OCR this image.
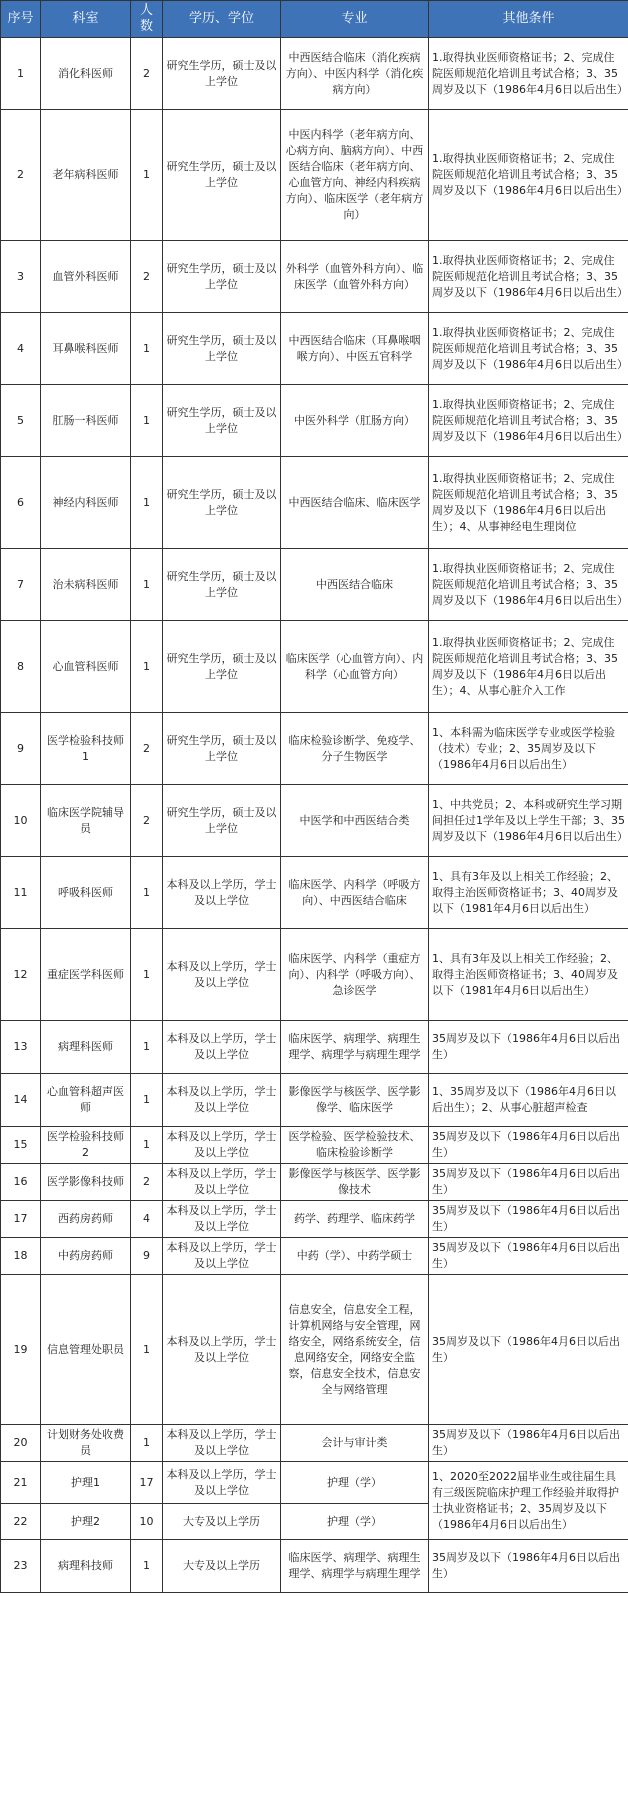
序号	科室	人数	学历、学位	专业	其他条件
1	消化科医师	2	研究生学历，硕士及以上学位	中西医结合临床（消化疾病方向）、中医内科学（消化疾病方向）	1.取得执业医师资格证书；2、完成住院医师规范化培训且考试合格；3、35周岁及以下（1986年4月6日以后出生）
2	老年病科医师	1	研究生学历，硕士及以上学位	中医内科学（老年病方向、心病方向、脑病方向）、中西医结合临床（老年病方向、心血管方向、神经内科疾病方向）、临床医学（老年病方向）	1.取得执业医师资格证书；2、完成住院医师规范化培训且考试合格；3、35周岁及以下（1986年4月6日以后出生）
3	血管外科医师	2	研究生学历，硕士及以上学位	外科学（血管外科方向）、临床医学（血管外科方向）	1.取得执业医师资格证书；2、完成住院医师规范化培训且考试合格；3、35周岁及以下（1986年4月6日以后出生）
4	耳鼻喉科医师	1	研究生学历，硕士及以上学位	中西医结合临床（耳鼻喉咽喉方向）、中医五官科学	1.取得执业医师资格证书；2、完成住院医师规范化培训且考试合格；3、35周岁及以下（1986年4月6日以后出生）
5	肛肠一科医师	1	研究生学历，硕士及以上学位	中医外科学（肛肠方向）	1.取得执业医师资格证书；2、完成住院医师规范化培训且考试合格；3、35周岁及以下（1986年4月6日以后出生）
6	神经内科医师	1	研究生学历，硕士及以上学位	中西医结合临床、临床医学	1.取得执业医师资格证书；2、完成住院医师规范化培训且考试合格；3、35周岁及以下（1986年4月6日以后出生）；4、从事神经电生理岗位
7	治未病科医师	1	研究生学历，硕士及以上学位	中西医结合临床	1.取得执业医师资格证书；2、完成住院医师规范化培训且考试合格；3、35周岁及以下（1986年4月6日以后出生）
8	心血管科医师	1	研究生学历，硕士及以上学位	临床医学（心血管方向）、内科学（心血管方向）	1.取得执业医师资格证书；2、完成住院医师规范化培训且考试合格；3、35周岁及以下（1986年4月6日以后出生）；4、从事心脏介入工作
9	医学检验科技师1	2	研究生学历，硕士及以上学位	临床检验诊断学、免疫学、分子生物医学	1、本科需为临床医学专业或医学检验（技术）专业；2、35周岁及以下（1986年4月6日以后出生）
10	临床医学院辅导员	2	研究生学历，硕士及以上学位	中医学和中西医结合类	1、中共党员；2、本科或研究生学习期间担任过1学年及以上学生干部；3、35周岁及以下（1986年4月6日以后出生）
11	呼吸科医师	1	本科及以上学历，学士及以上学位	临床医学、内科学（呼吸方向）、中西医结合临床	1、具有3年及以上相关工作经验；2、取得主治医师资格证书；3、40周岁及以下（1981年4月6日以后出生）
12	重症医学科医师	1	本科及以上学历，学士及以上学位	临床医学、内科学（重症方向）、内科学（呼吸方向）、急诊医学	1、具有3年及以上相关工作经验；2、取得主治医师资格证书；3、40周岁及以下（1981年4月6日以后出生）
13	病理科医师	1	本科及以上学历，学士及以上学位	临床医学、病理学、病理生理学、病理学与病理生理学	35周岁及以下（1986年4月6日以后出生）
14	心血管科超声医师	1	本科及以上学历，学士及以上学位	影像医学与核医学、医学影像学、临床医学	1、35周岁及以下（1986年4月6日以后出生）；2、从事心脏超声检查
15	医学检验科技师2	1	本科及以上学历，学士及以上学位	医学检验、医学检验技术、临床检验诊断学	35周岁及以下（1986年4月6日以后出生）
16	医学影像科技师	2	本科及以上学历，学士及以上学位	影像医学与核医学、医学影像技术	35周岁及以下（1986年4月6日以后出生）
17	西药房药师	4	本科及以上学历，学士及以上学位	药学、药理学、临床药学	35周岁及以下（1986年4月6日以后出生）
18	中药房药师	9	本科及以上学历，学士及以上学位	中药（学）、中药学硕士	35周岁及以下（1986年4月6日以后出生）
19	信息管理处职员	1	本科及以上学历，学士及以上学位	信息安全，信息安全工程，计算机网络与安全管理，网络安全，网络系统安全，信息网络安全，网络安全监察，信息安全技术，信息安全与网络管理	35周岁及以下（1986年4月6日以后出生）
20	计划财务处收费员	1	本科及以上学历，学士及以上学位	会计与审计类	35周岁及以下（1986年4月6日以后出生）
21	护理1	17	本科及以上学历，学士及以上学位	护理（学）	1、2020至2022届毕业生或往届生具有三级医院临床护理工作经验并取得护士执业资格证书；2、35周岁及以下（1986年4月6日以后出生）
22	护理2	10	大专及以上学历	护理（学）	
23	病理科技师	1	大专及以上学历	临床医学、病理学、病理生理学、病理学与病理生理学	35周岁及以下（1986年4月6日以后出生）
